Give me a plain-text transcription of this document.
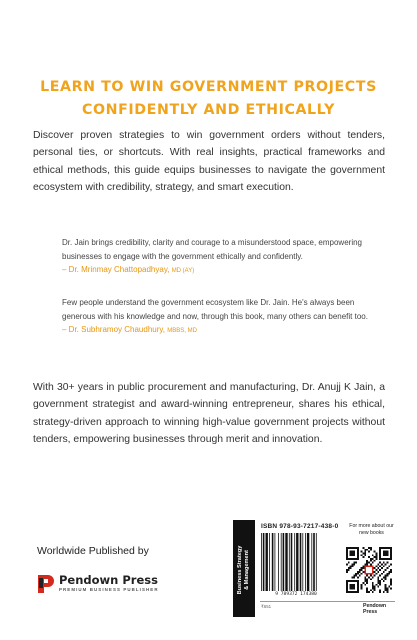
LEARN TO WIN GOVERNMENT PROJECTS CONFIDENTLY AND ETHICALLY

Discover proven strategies to win government orders without tenders, personal ties, or shortcuts. With real insights, practical frameworks and ethical methods, this guide equips businesses to navigate the government ecosystem with credibility, strategy, and smart execution.

Dr. Jain brings credibility, clarity and courage to a misunderstood space, empowering businesses to engage with the government ethically and confidently. – Dr. Mrinmay Chattopadhyay, MD (AY)

Few people understand the government ecosystem like Dr. Jain. He's always been generous with his knowledge and now, through this book, many others can benefit too. – Dr. Subhramoy Chaudhury, MBBS, MD

With 30+ years in public procurement and manufacturing, Dr. Anujj K Jain, a government strategist and award-winning entrepreneur, shares his ethical, strategy-driven approach to winning high-value government projects without tenders, empowering businesses through merit and innovation.

Worldwide Published by

Pendown Press
PREMIUM BUSINESS PUBLISHER	Business Strategy
& Management
ISBN 978-93-7217-438-0
9 789372 174380
For more about our new books
₹651	Pendown Press
